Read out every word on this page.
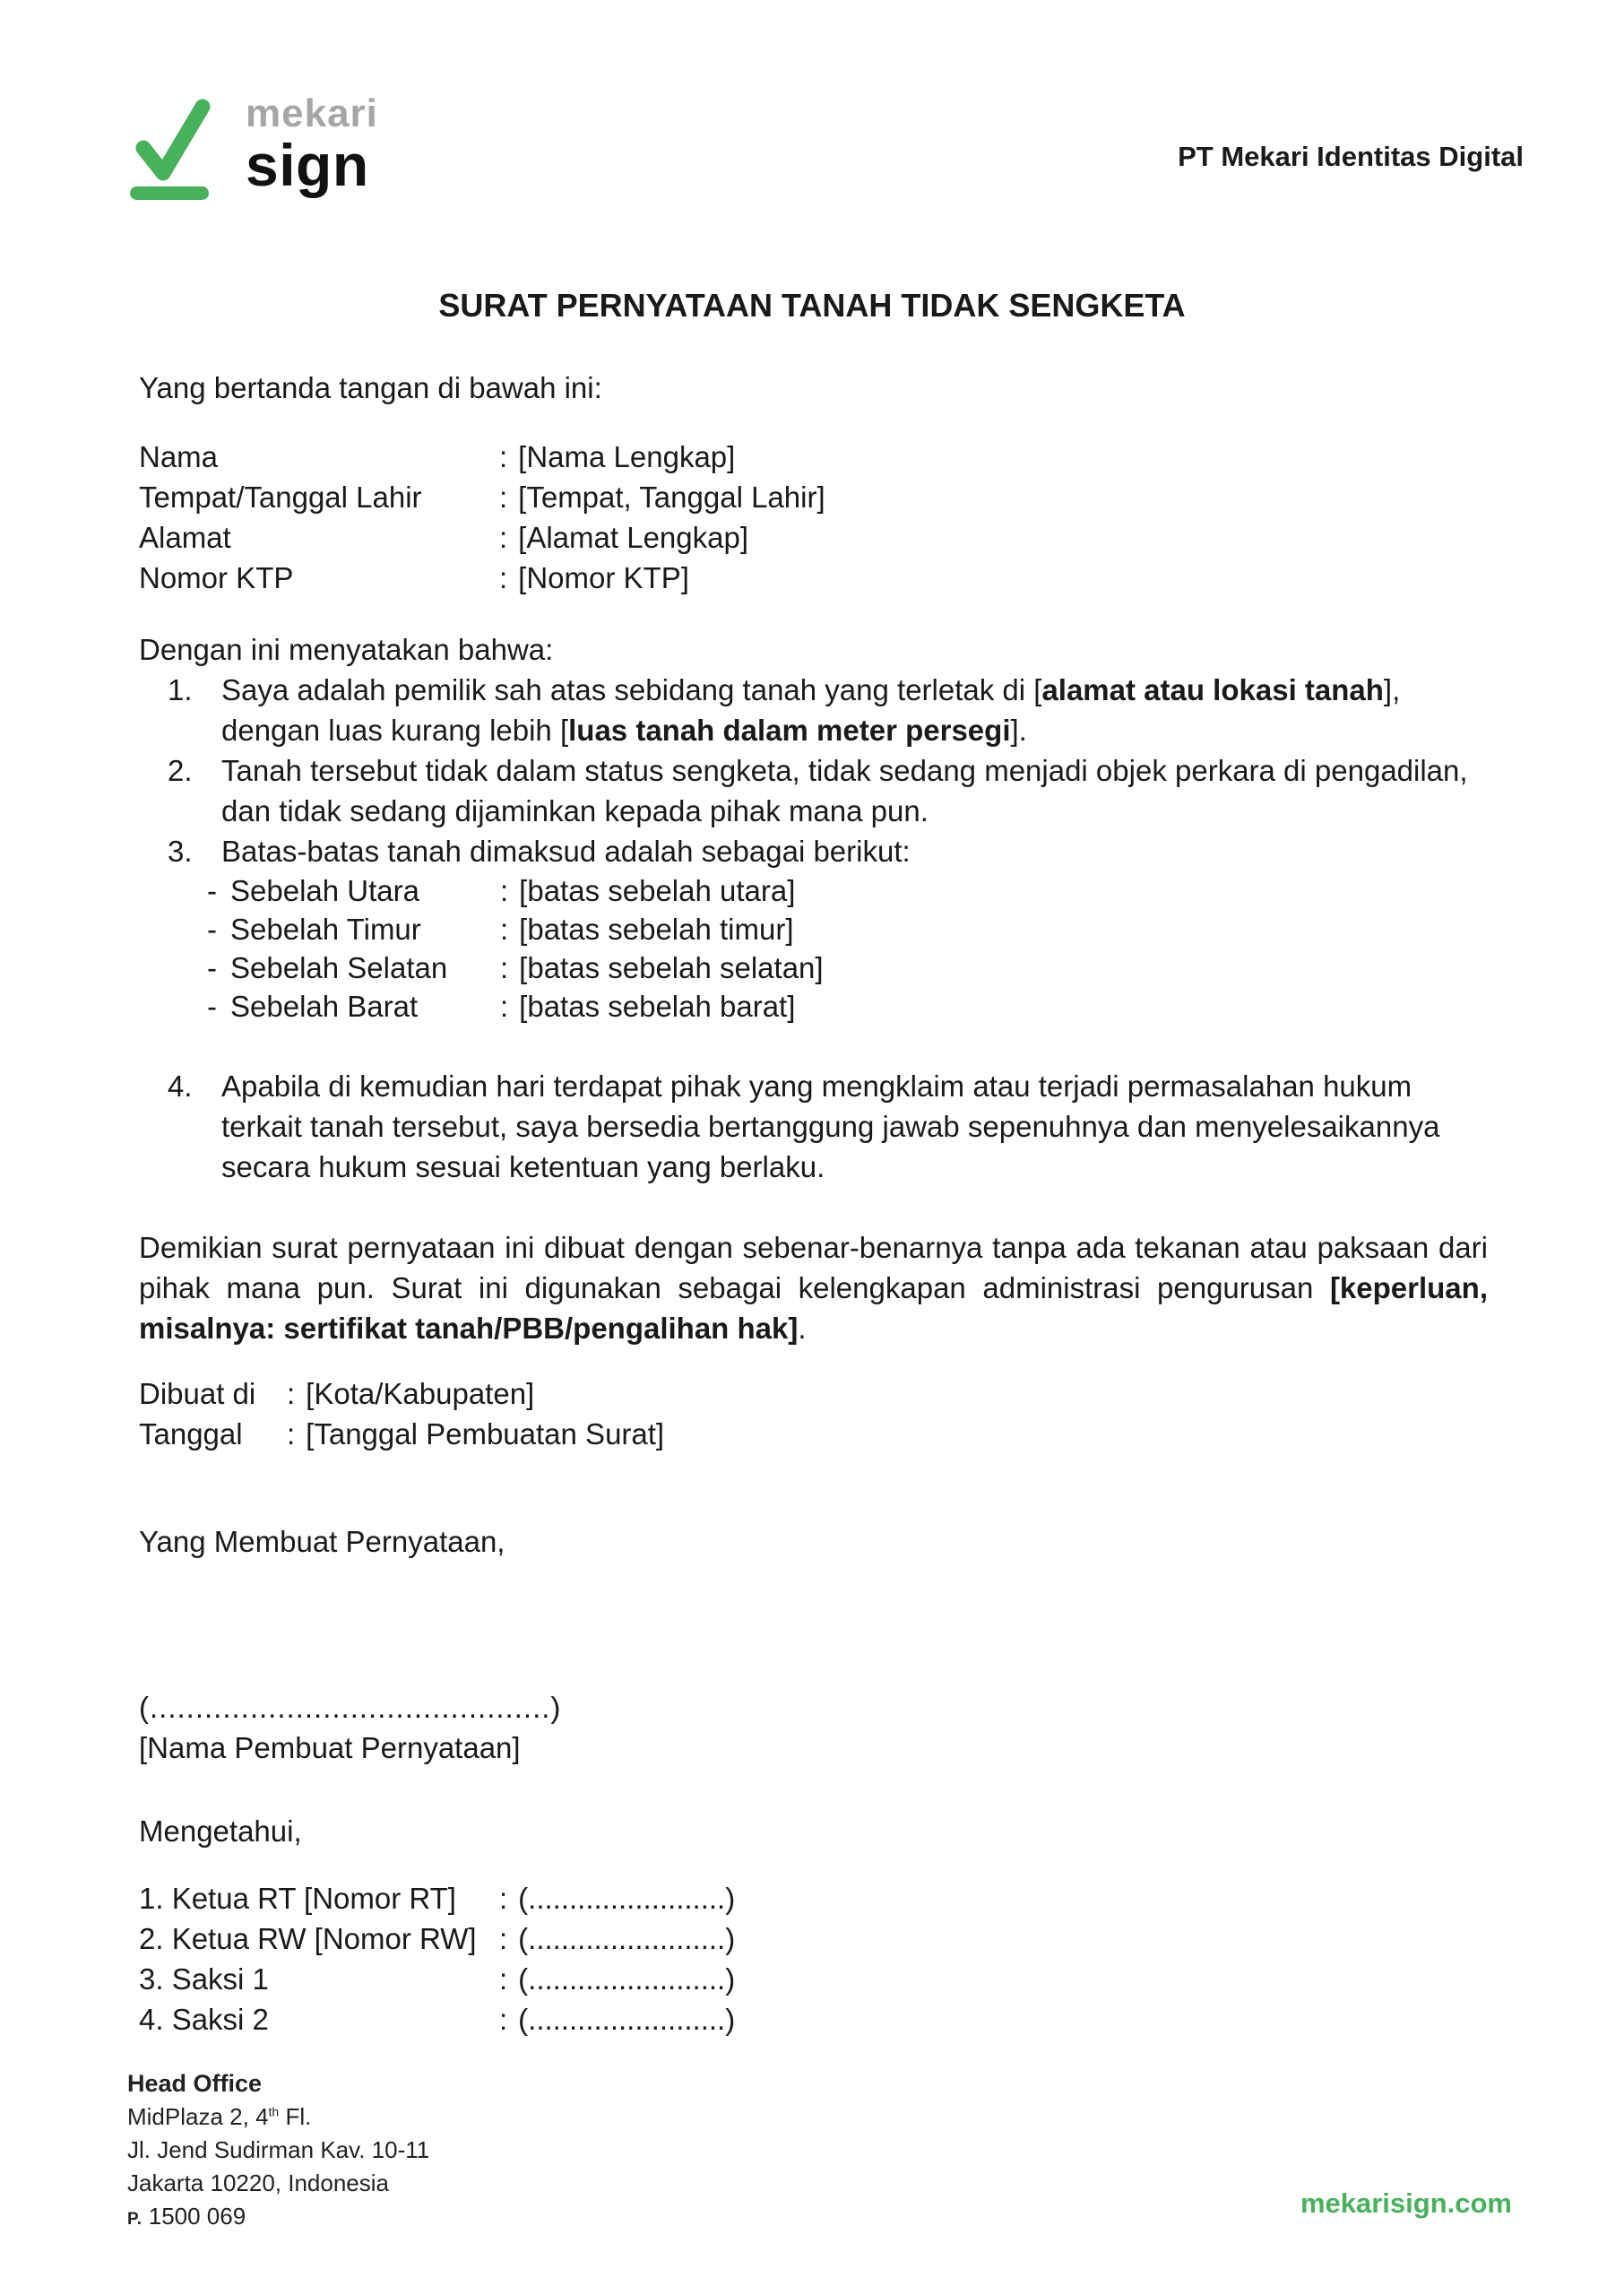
mekari
sign	PT Mekari Identitas Digital
SURAT PERNYATAAN TANAH TIDAK SENGKETA
Yang bertanda tangan di bawah ini:
Nama	: [Nama Lengkap]
Tempat/Tanggal Lahir	: [Tempat, Tanggal Lahir]
Alamat	: [Alamat Lengkap]
Nomor KTP	: [Nomor KTP]
Dengan ini menyatakan bahwa:
1. Saya adalah pemilik sah atas sebidang tanah yang terletak di [alamat atau lokasi tanah], dengan luas kurang lebih [luas tanah dalam meter persegi].
2. Tanah tersebut tidak dalam status sengketa, tidak sedang menjadi objek perkara di pengadilan, dan tidak sedang dijaminkan kepada pihak mana pun.
3. Batas-batas tanah dimaksud adalah sebagai berikut:
- Sebelah Utara	: [batas sebelah utara]
- Sebelah Timur	: [batas sebelah timur]
- Sebelah Selatan : [batas sebelah selatan]
- Sebelah Barat	: [batas sebelah barat]
4. Apabila di kemudian hari terdapat pihak yang mengklaim atau terjadi permasalahan hukum terkait tanah tersebut, saya bersedia bertanggung jawab sepenuhnya dan menyelesaikannya secara hukum sesuai ketentuan yang berlaku.
Demikian surat pernyataan ini dibuat dengan sebenar-benarnya tanpa ada tekanan atau paksaan dari pihak mana pun. Surat ini digunakan sebagai kelengkapan administrasi pengurusan [keperluan, misalnya: sertifikat tanah/PBB/pengalihan hak].
Dibuat di	: [Kota/Kabupaten]
Tanggal	: [Tanggal Pembuatan Surat]
Yang Membuat Pernyataan,
(............................................)
[Nama Pembuat Pernyataan]
Mengetahui,
1. Ketua RT [Nomor RT]	: (........................)
2. Ketua RW [Nomor RW] : (........................)
3. Saksi 1	: (........................)
4. Saksi 2	: (........................)
Head Office
MidPlaza 2, 4th Fl.
Jl. Jend Sudirman Kav. 10-11
Jakarta 10220, Indonesia
P. 1500 069	mekarisign.com
